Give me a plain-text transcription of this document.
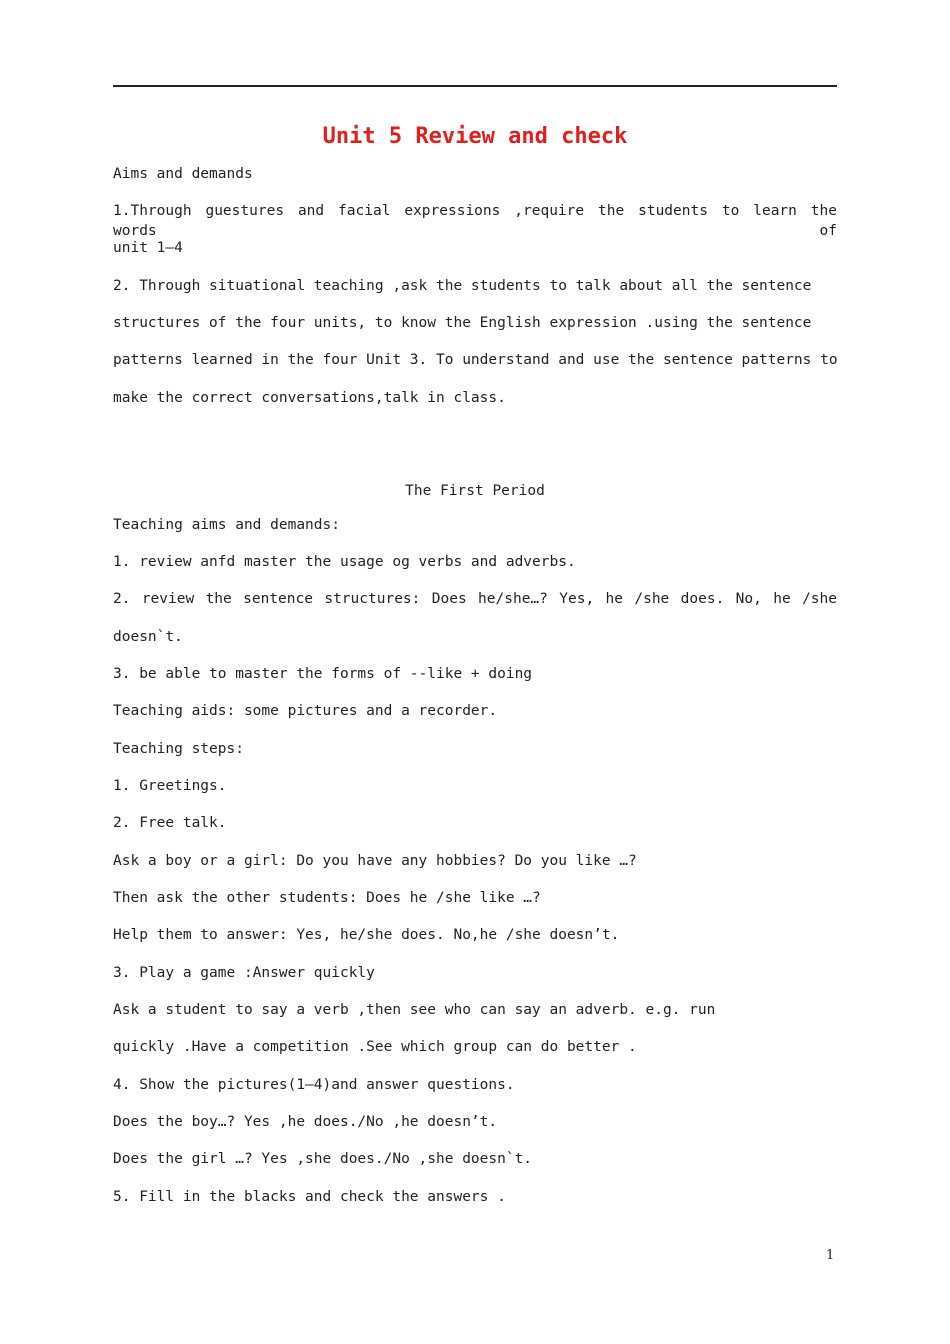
Unit 5 Review and check
Aims and demands
1.Through guestures and facial expressions ,require the students to learn the words of
unit 1—4
2. Through situational teaching ,ask the students to talk about all the sentence
structures of the four units, to know the English expression .using the sentence
patterns learned in the four Unit 3. To understand and use the sentence patterns to
make the correct conversations,talk in class.
The First Period
Teaching aims and demands:
1. review anfd master the usage og verbs and adverbs.
2. review the sentence structures: Does he/she…? Yes, he /she does. No, he /she
doesn`t.
3. be able to master the forms of --like + doing
Teaching aids: some pictures and a recorder.
Teaching steps:
1. Greetings.
2. Free talk.
Ask a boy or a girl: Do you have any hobbies? Do you like …?
Then ask the other students: Does he /she like …?
Help them to answer: Yes, he/she does. No,he /she doesn’t.
3. Play a game :Answer quickly
Ask a student to say a verb ,then see who can say an adverb. e.g. run
quickly .Have a competition .See which group can do better .
4. Show the pictures(1—4)and answer questions.
Does the boy…? Yes ,he does./No ,he doesn’t.
Does the girl …? Yes ,she does./No ,she doesn`t.
5. Fill in the blacks and check the answers .
1
